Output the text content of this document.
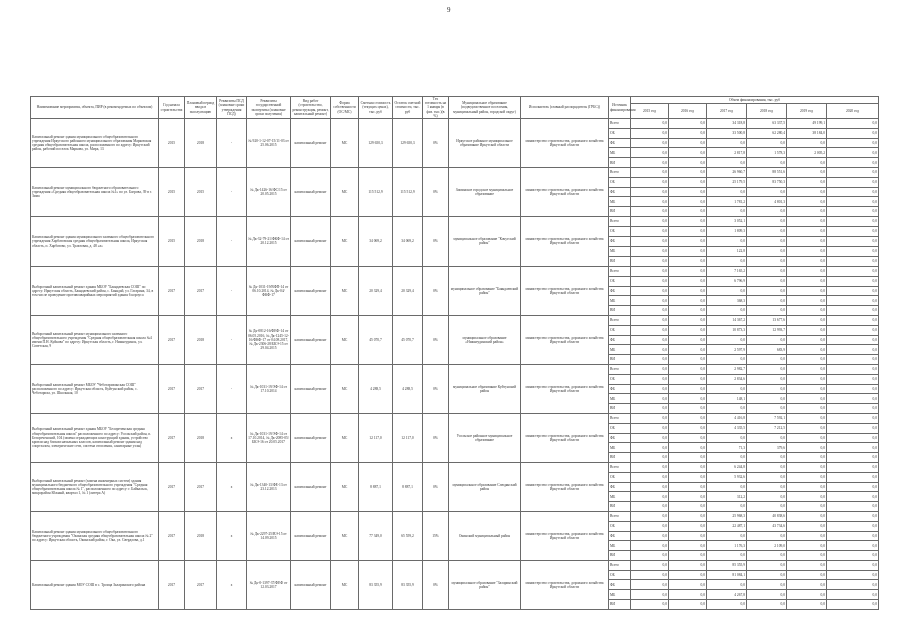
9
Наименование мероприятия, объекта, ПИР (в рекомендуемых по объектам)	Год начала строительства	Плановый период ввода в эксплуатацию	Реквизиты ПСД (плановые сроки утверждения ПСД)	Реквизиты государственной экспертизы (плановые сроки получения)	Вид работ (строительство, реконструкция, ремонт, капитальный ремонт)	Форма собственности (ОС/МС)	Сметная стоимость (текущих ценах), тыс. руб	Остаток сметной стоимости, тыс. руб	Тех готовность на 1 января (в физ. тыс.)(в %)	Муниципальное образование (подведомственное поселения, муниципальный район, городской округ)	Исполнитель (главный распорядитель (ГРБС))	Источник финансирования	Объем финансирования, тыс. руб					
													2015 год	2016 год	2017 год	2018 год	2019 год	2020 год
Капитальный ремонт здания муниципального общеобразовательного учреждения Иркутского районного муниципального образования Марковская средняя общеобразовательная школа, расположенного по адресу: Иркутский район, рабочий поселок Маркова, ул. Мира, 13	2015	2018	-	№ 920-1-12-07-15/11-03 от 25.06.2015	капитальный ремонт	МС	129 650,3	129 650,3	0%	Иркутское районное муниципальное образование Иркутской области	министерство строительства, дорожного хозяйства Иркутской области	Всего	0,0	0,0	34 318,8	63 337,5	49 199,1	0,0
												ОБ	0,0	0,0	33 500,8	62 280,4	38 184,0	0,0
												ФБ	0,0	0,0	0,0	0,0	0,0	0,0
												МБ	0,0	0,0	2 817,8	1 578,3	2 005,2	0,0
												ВИ	0,0	0,0	0,0	0,0	0,0	0,0
Капитальный ремонт муниципального бюджетного образовательного учреждения «Средняя общеобразовательная школа №1» по ул. Багрова, 39 в г. Зима	2015	2015	-	№ Дк-1426-16/ФС/15 от 20.05.2015	капитальный ремонт	МС	115 512,9	115 512,9	0%	Зиминское городское муниципальное образование	министерство строительства, дорожного хозяйства Иркутской области	Всего	0,0	0,0	26 960,7	88 551,6	0,0	0,0
												ОБ	0,0	0,0	25 179,5	83 750,3	0,0	0,0
												ФБ	0,0	0,0	0,0	0,0	0,0	0,0
												МБ	0,0	0,0	1 781,2	4 801,3	0,0	0,0
												ВИ	0,0	0,0	0,0	0,0	0,0	0,0
Капитальный ремонт здания муниципального казенного общеобразовательного учреждения Харбатовская средняя общеобразовательная школа, Иркутская область, п. Харбатово, ул. Трактовая, д. 48 «а»	2015	2018	-	№ Дк-32-79-21/ФКФ-14 от 20.12.2015	капитальный ремонт	МС	34 069,2	34 069,2	0%	муниципальное образование "Качугский район"	министерство строительства, дорожного хозяйства Иркутской области	Всего	0,0	0,0	3 052,1	0,0	0,0	0,0
												ОБ	0,0	0,0	1 809,3	0,0	0,0	0,0
												ФБ	0,0	0,0	0,0	0,0	0,0	0,0
												МБ	0,0	0,0	122,8	0,0	0,0	0,0
												ВИ	0,0	0,0	0,0	0,0	0,0	0,0
Выборочный капитальный ремонт здания МБОУ "Баяндаевская СОШ" по адресу: Иркутская область, Баяндаевский район, с. Баяндай, ул. Гагарина, 34, в том числе проведение противоаварийных мероприятий здания 6 корпуса	2017	2017	-	№ Дк-1031-19/ВФП-14 от 06.10.2014, № Дк-04/ФКФ-17	капитальный ремонт	МС	20 329,4	20 329,4	0%	муниципальное образование "Баяндаевский район"	министерство строительства, дорожного хозяйства Иркутской области	Всего	0,0	0,0	7 165,2	0,0	0,0	0,0
												ОБ	0,0	0,0	6 796,9	0,0	0,0	0,0
												ФБ	0,0	0,0	0,0	0,0	0,0	0,0
												МБ	0,0	0,0	368,3	0,0	0,0	0,0
												ВИ	0,0	0,0	0,0	0,0	0,0	0,0
Выборочный капитальный ремонт муниципального казенного общеобразовательного учреждения "Средняя общеобразовательная школа №4 имени П.Н. Куйкова" по адресу: Иркутская область, г. Нижнеудинск, ул. Советская, 9	2017	2018	-	№ Дк-0812-16/ФЕФ-14 от 06.05.2016, № Дк-1245-12-16/ФКФ-17 от 04.08.2017, № Дк-2306-28/БКЭ-15 от 29.04.2015	капитальный ремонт	МС	45 070,7	45 070,7	0%	муниципальное образование «Нижнеудинский район»	министерство строительства, дорожного хозяйства Иркутской области	Всего	0,0	0,0	14 367,2	13 677,6	0,0	0,0
												ОБ	0,0	0,0	10 873,3	12 993,7	0,0	0,0
												ФБ	0,0	0,0	0,0	0,0	0,0	0,0
												МБ	0,0	0,0	2 597,9	683,9	0,0	0,0
												ВИ	0,0	0,0	0,0	0,0	0,0	0,0
Выборочный капитальный ремонт МБОУ "Чеботарихинская СОШ" расположенного по адресу: Иркутская область, Куйтунский район, с. Чеботариха, ул. Школьная, 10	2017	2017	-	№ Дк-1031-19/ЭФ-14 от 17.10.2014	капитальный ремонт	МС	4 288,5	4 288,5	0%	муниципальное образование Куйтунский район	министерство строительства, дорожного хозяйства Иркутской области	Всего	0,0	0,0	2 982,7	0,0	0,0	0,0
												ОБ	0,0	0,0	2 834,6	0,0	0,0	0,0
												ФБ	0,0	0,0	0,0	0,0	0,0	0,0
												МБ	0,0	0,0	148,1	0,0	0,0	0,0
												ВИ	0,0	0,0	0,0	0,0	0,0	0,0
Выборочный капитальный ремонт здания МБОУ "Белореченская средняя общеобразовательная школа" расположенного по адресу: Усольский район, п. Белореченский, 104 (замена ограждающих конструкций здания, устройство кровли над блоком начальных классов, капитальный ремонт здания над спортзалом, электрические сети, система отопления, санитарные узлы)	2017	2018	х	№ Дк-1031-19/ЭФ-14 от 17.10.2014, № Дк-2085-05/БКЭ-16 от 20.05.2017	капитальный ремонт	МС	12 117,0	12 117,0	0%	Усольское районное муниципальное образование	министерство строительства, дорожного хозяйства Иркутской области	Всего	0,0	0,0	4 416,8	7 592,1	0,0	0,0
												ОБ	0,0	0,0	4 335,5	7 212,5	0,0	0,0
												ФБ	0,0	0,0	0,0	0,0	0,0	0,0
												МБ	0,0	0,0	71,3	379,6	0,0	0,0
												ВИ	0,0	0,0	0,0	0,0	0,0	0,0
Выборочный капитальный ремонт (замена инженерных систем) здания муниципального бюджетного общеобразовательного учреждения "Средняя общеобразовательная школа № 1", расположенного по адресу: г. Байкальск, микрорайон Южный, квартал 1, № 1 (литера А)	2017	2017	х	№ Дк-1340-13/ФЕ-13 от 23.12.2013	капитальный ремонт	МС	8 887,1	8 887,1	0%	муниципальное образование Слюдянский район	министерство строительства, дорожного хозяйства Иркутской области	Всего	0,0	0,0	6 244,8	0,0	0,0	0,0
												ОБ	0,0	0,0	5 932,6	0,0	0,0	0,0
												ФБ	0,0	0,0	0,0	0,0	0,0	0,0
												МБ	0,0	0,0	312,2	0,0	0,0	0,0
												ВИ	0,0	0,0	0,0	0,0	0,0	0,0
Капитальный ремонт здания муниципального общеобразовательного бюджетного учреждения "Окинская средняя общеобразовательная школа № 2" по адресу: Иркутская область, Окинский район, г. Ока, ул. Свердлова, д.1	2017	2018	х	№ Дк-2297-25/ВЭ-15 от 14.09.2015	капитальный ремонт	МС	77 349,0	65 559,2	15%	Окинский муниципальный район	министерство строительства, дорожного хозяйства Иркутской области	Всего	0,0	0,0	25 968,3	40 838,6	0,0	0,0
												ОБ	0,0	0,0	22 487,1	43 734,6	0,0	0,0
												ФБ	0,0	0,0	0,0	0,0	0,0	0,0
												МБ	0,0	0,0	1 176,3	2 109,0	0,0	0,0
												ВИ	0,0	0,0	0,0	0,0	0,0	0,0
Капитальный ремонт здания МОУ СОШ в с. Троица Заларинского района	2017	2017	х	№ Дк-0-1397-37/ФЕФ от 12.03.2017	капитальный ремонт	МС	83 355,9	83 355,9	0%	муниципальное образование "Заларинский район"	министерство строительства, дорожного хозяйства Иркутской области	Всего	0,0	0,0	85 355,9	0,0	0,0	0,0
												ОБ	0,0	0,0	81 084,1	0,0	0,0	0,0
												ФБ	0,0	0,0	0,0	0,0	0,0	0,0
												МБ	0,0	0,0	4 267,8	0,0	0,0	0,0
												ВИ	0,0	0,0	0,0	0,0	0,0	0,0
